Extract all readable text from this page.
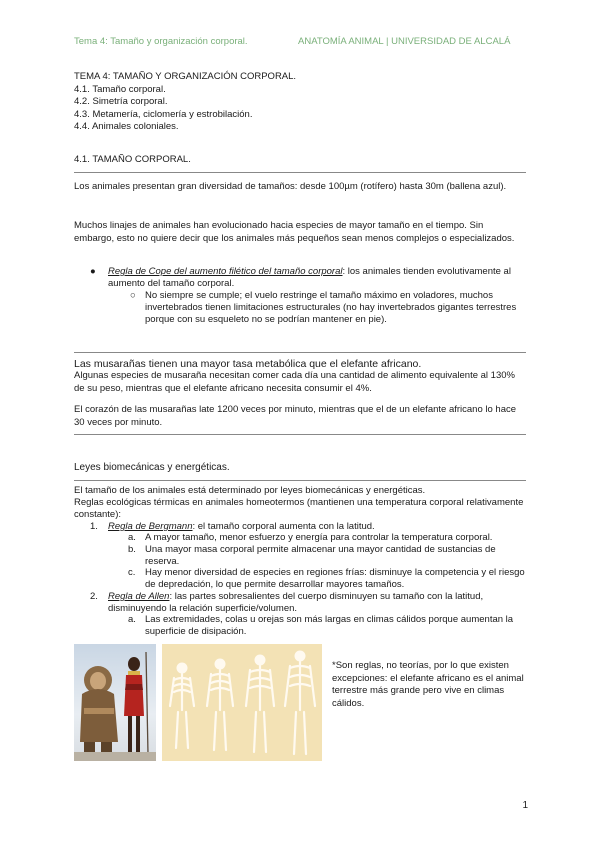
Tema 4: Tamaño y organización corporal.	ANATOMÍA ANIMAL | UNIVERSIDAD DE ALCALÁ
TEMA 4: TAMAÑO Y ORGANIZACIÓN CORPORAL.
4.1. Tamaño corporal.
4.2. Simetría corporal.
4.3. Metamería, ciclomería y estrobilación.
4.4. Animales coloniales.
4.1. TAMAÑO CORPORAL.
Los animales presentan gran diversidad de tamaños: desde 100µm (rotífero) hasta 30m (ballena azul).
Muchos linajes de animales han evolucionado hacia especies de mayor tamaño en el tiempo. Sin embargo, esto no quiere decir que los animales más pequeños sean menos complejos o especializados.
● Regla de Cope del aumento filético del tamaño corporal: los animales tienden evolutivamente al aumento del tamaño corporal.
○ No siempre se cumple; el vuelo restringe el tamaño máximo en voladores, muchos invertebrados tienen limitaciones estructurales (no hay invertebrados gigantes terrestres porque con su esqueleto no se podrían mantener en pie).
Las musarañas tienen una mayor tasa metabólica que el elefante africano.
Algunas especies de musaraña necesitan comer cada día una cantidad de alimento equivalente al 130% de su peso, mientras que el elefante africano necesita consumir el 4%.
El corazón de las musarañas late 1200 veces por minuto, mientras que el de un elefante africano lo hace 30 veces por minuto.
Leyes biomecánicas y energéticas.
El tamaño de los animales está determinado por leyes biomecánicas y energéticas.
Reglas ecológicas térmicas en animales homeotermos (mantienen una temperatura corporal relativamente constante):
1. Regla de Bergmann: el tamaño corporal aumenta con la latitud.
a. A mayor tamaño, menor esfuerzo y energía para controlar la temperatura corporal.
b. Una mayor masa corporal permite almacenar una mayor cantidad de sustancias de reserva.
c. Hay menor diversidad de especies en regiones frías: disminuye la competencia y el riesgo de depredación, lo que permite desarrollar mayores tamaños.
2. Regla de Allen: las partes sobresalientes del cuerpo disminuyen su tamaño con la latitud, disminuyendo la relación superficie/volumen.
a. Las extremidades, colas u orejas son más largas en climas cálidos porque aumentan la superficie de disipación.
*Son reglas, no teorías, por lo que existen excepciones: el elefante africano es el animal terrestre más grande pero vive en climas cálidos.
1
